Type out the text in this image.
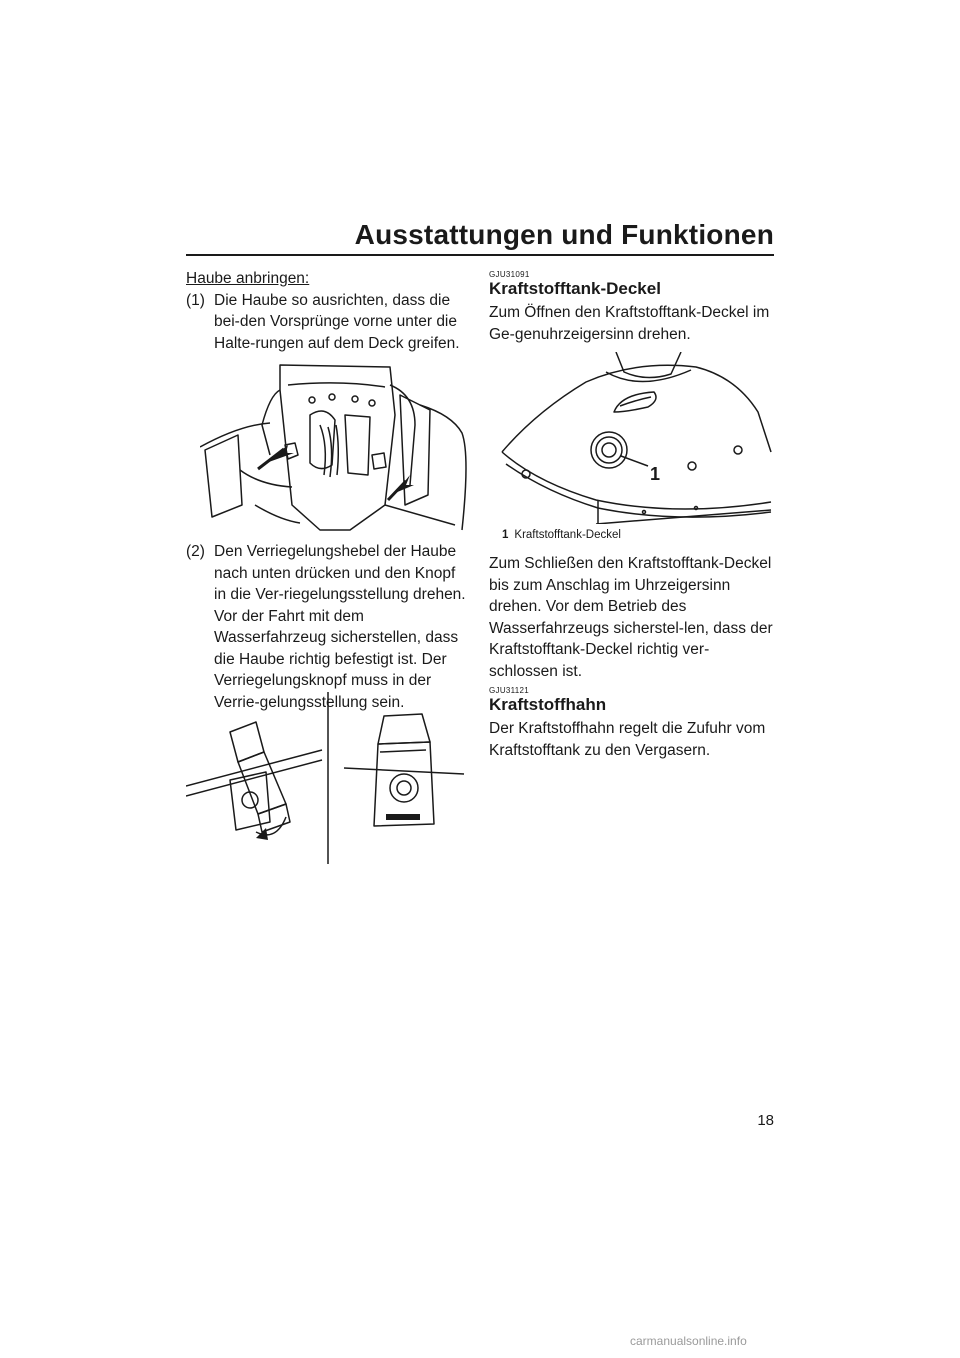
Ausstattungen und Funktionen

Haube anbringen:

(1) Die Haube so ausrichten, dass die bei-den Vorsprünge vorne unter die Halte-rungen auf dem Deck greifen.
(2) Den Verriegelungshebel der Haube nach unten drücken und den Knopf in die Ver-riegelungsstellung drehen. Vor der Fahrt mit dem Wasserfahrzeug sicherstellen, dass die Haube richtig befestigt ist. Der Verriegelungsknopf muss in der Verrie-gelungsstellung sein.

GJU31091

Kraftstofftank-Deckel

Zum Öffnen den Kraftstofftank-Deckel im Ge-genuhrzeigersinn drehen.

1
1 Kraftstofftank-Deckel

Zum Schließen den Kraftstofftank-Deckel bis zum Anschlag im Uhrzeigersinn drehen. Vor dem Betrieb des Wasserfahrzeugs sicherstel-len, dass der Kraftstofftank-Deckel richtig ver-schlossen ist.

GJU31121

Kraftstoffhahn

Der Kraftstoffhahn regelt die Zufuhr vom Kraftstofftank zu den Vergasern.

18
carmanualsonline.info
